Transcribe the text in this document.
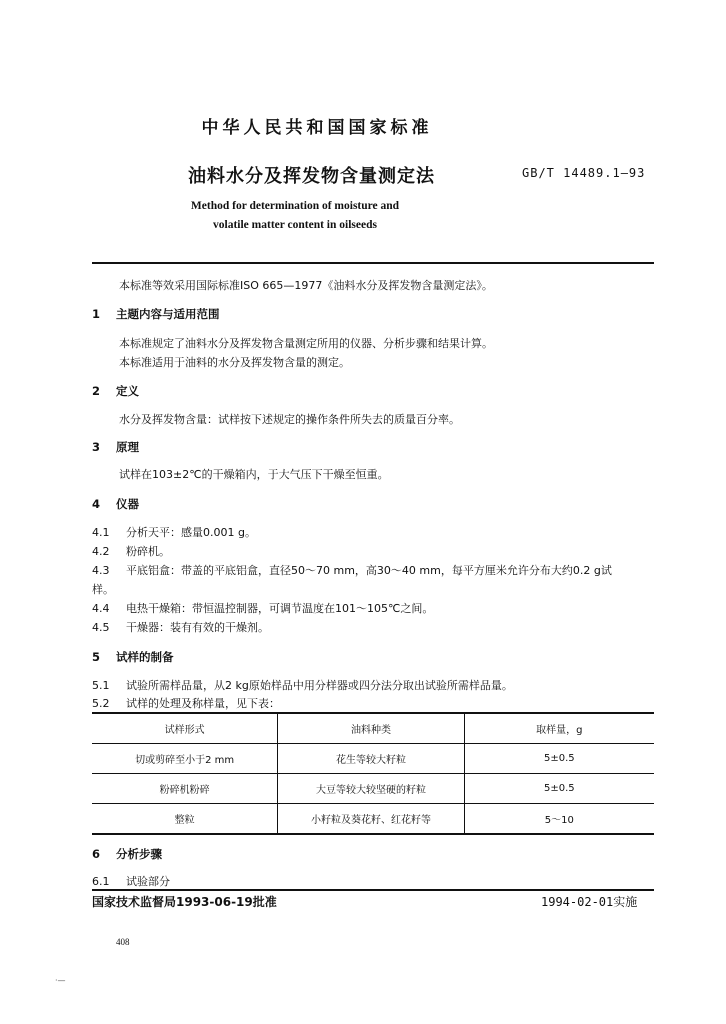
中华人民共和国国家标准
油料水分及挥发物含量测定法	GB/T 14489.1—93
Method for determination of moisture and
volatile matter content in oilseeds
本标准等效采用国际标准ISO 665—1977《油料水分及挥发物含量测定法》。
1 主题内容与适用范围
本标准规定了油料水分及挥发物含量测定所用的仪器、分析步骤和结果计算。
本标准适用于油料的水分及挥发物含量的测定。
2 定义
水分及挥发物含量：试样按下述规定的操作条件所失去的质量百分率。
3 原理
试样在103±2℃的干燥箱内，于大气压下干燥至恒重。
4 仪器
4.1 分析天平：感量0.001 g。
4.2 粉碎机。
4.3 平底铝盒：带盖的平底铝盒，直径50～70 mm，高30～40 mm，每平方厘米允许分布大约0.2 g试
样。
4.4 电热干燥箱：带恒温控制器，可调节温度在101～105℃之间。
4.5 干燥器：装有有效的干燥剂。
5 试样的制备
5.1 试验所需样品量，从2 kg原始样品中用分样器或四分法分取出试验所需样品量。
5.2 试样的处理及称样量，见下表：
试样形式	油料种类	取样量，g
切或剪碎至小于2 mm	花生等较大籽粒	5±0.5
粉碎机粉碎	大豆等较大较坚硬的籽粒	5±0.5
整粒	小籽粒及葵花籽、红花籽等	5～10
6 分析步骤
6.1 试验部分
国家技术监督局1993-06-19批准	1994-02-01实施
408
·—
